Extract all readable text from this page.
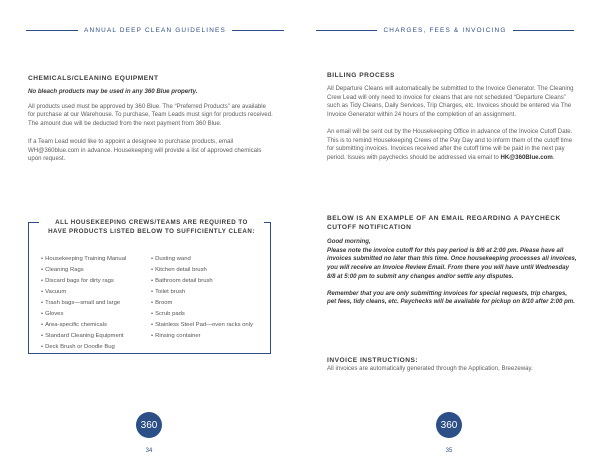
ANNUAL DEEP CLEAN GUIDELINES
CHEMICALS/CLEANING EQUIPMENT
No bleach products may be used in any 360 Blue property.
All products used must be approved by 360 Blue. The “Preferred Products” are available for purchase at our Warehouse. To purchase, Team Leads must sign for products received. The amount due will be deducted from the next payment from 360 Blue.
If a Team Lead would like to appoint a designee to purchase products, email WH@360blue.com in advance. Housekeeping will provide a list of approved chemicals upon request.
ALL HOUSEKEEPING CREWS/TEAMS ARE REQUIRED TO
HAVE PRODUCTS LISTED BELOW TO SUFFICIENTLY CLEAN:
• Housekeeping Training Manual
• Cleaning Rags
• Discard bags for dirty rags
• Vacuum
• Trash bags—small and large
• Gloves
• Area-specific chemicals
• Standard Cleaning Equipment
• Deck Brush or Doodle Bug
• Dusting wand
• Kitchen detail brush
• Bathroom detail brush
• Toilet brush
• Broom
• Scrub pads
• Stainless Steel Pad—oven racks only
• Rinsing container
360
34
CHARGES, FEES & INVOICING
BILLING PROCESS
All Departure Cleans will automatically be submitted to the Invoice Generator. The Cleaning Crew Lead will only need to invoice for cleans that are not scheduled “Departure Cleans” such as Tidy Cleans, Daily Services, Trip Charges, etc. Invoices should be entered via The Invoice Generator within 24 hours of the completion of an assignment.
An email will be sent out by the Housekeeping Office in advance of the Invoice Cutoff Date. This is to remind Housekeeping Crews of the Pay Day and to inform them of the cutoff time for submitting invoices. Invoices received after the cutoff time will be paid in the next pay period. Issues with paychecks should be addressed via email to HK@360Blue.com.
BELOW IS AN EXAMPLE OF AN EMAIL REGARDING A PAYCHECK
CUTOFF NOTIFICATION
Good morning,
Please note the invoice cutoff for this pay period is 8/6 at 2:00 pm. Please have all invoices submitted no later than this time. Once housekeeping processes all invoices, you will receive an Invoice Review Email. From there you will have until Wednesday 8/8 at 5:00 pm to submit any changes and/or settle any disputes.
Remember that you are only submitting invoices for special requests, trip charges, pet fees, tidy cleans, etc. Paychecks will be available for pickup on 8/10 after 2:00 pm.
INVOICE INSTRUCTIONS:
All invoices are automatically generated through the Application, Breezeway.
360
35
